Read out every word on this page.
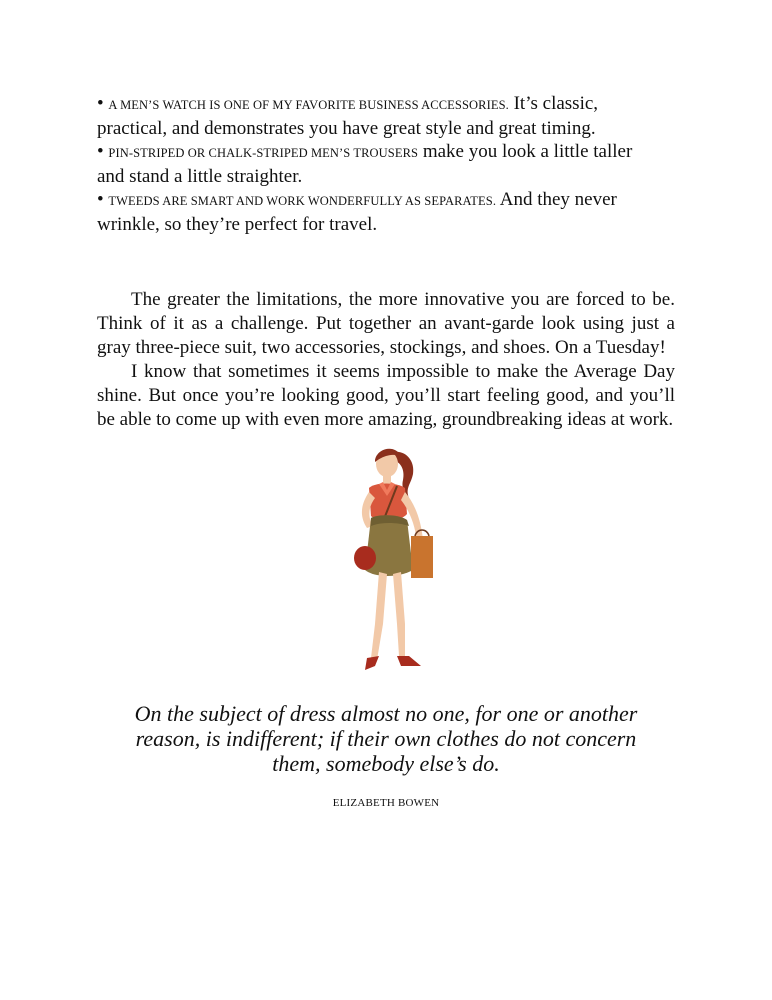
• A MEN’S WATCH IS ONE OF MY FAVORITE BUSINESS ACCESSORIES. It’s classic, practical, and demonstrates you have great style and great timing.

• PIN-STRIPED OR CHALK-STRIPED MEN’S TROUSERS make you look a little taller and stand a little straighter.

• TWEEDS ARE SMART AND WORK WONDERFULLY AS SEPARATES. And they never wrinkle, so they’re perfect for travel.

The greater the limitations, the more innovative you are forced to be. Think of it as a challenge. Put together an avant-garde look using just a gray three-piece suit, two accessories, stockings, and shoes. On a Tuesday!

I know that sometimes it seems impossible to make the Average Day shine. But once you’re looking good, you’ll start feeling good, and you’ll be able to come up with even more amazing, groundbreaking ideas at work.

On the subject of dress almost no one, for one or another reason, is indifferent; if their own clothes do not concern them, somebody else’s do.
ELIZABETH BOWEN
